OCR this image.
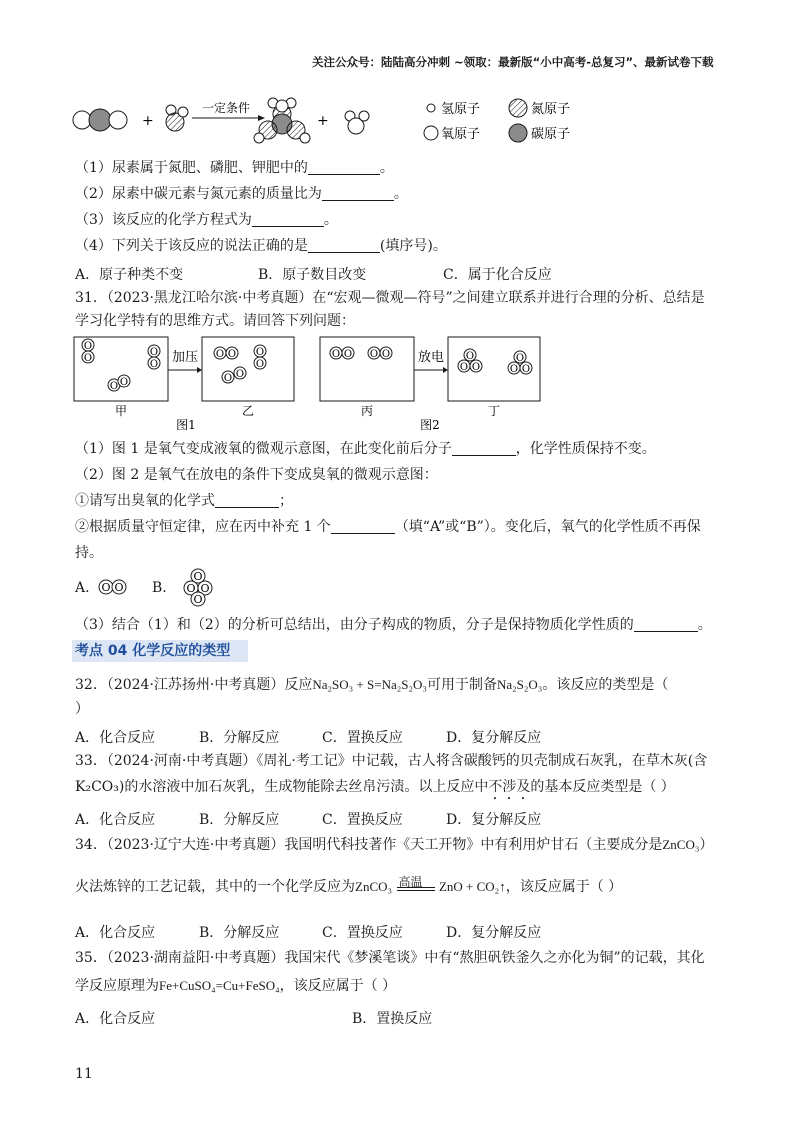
关注公众号：陆陆高分冲刺 ~领取：最新版“小中高考-总复习”、最新试卷下载
+
一定条件
+
氢原子	氮原子
氧原子	碳原子
（1）尿素属于氮肥、磷肥、钾肥中的	。
（2）尿素中碳元素与氮元素的质量比为	。
（3）该反应的化学方程式为	。
（4）下列关于该反应的说法正确的是	(填序号)。
A．原子种类不变	B．原子数目改变	C．属于化合反应
31．（2023·黑龙江哈尔滨·中考真题）在“宏观—微观—符号”之间建立联系并进行合理的分析、总结是
学习化学特有的思维方式。请回答下列问题：
O
O
O
O
O O
加压 O O O
O
O O
甲	乙
图1
O O O O 放电 O
O O
O
O O
丙	丁
图2
（1）图 1 是氧气变成液氧的微观示意图，在此变化前后分子	，化学性质保持不变。
（2）图 2 是氧气在放电的条件下变成臭氧的微观示意图：
①请写出臭氧的化学式	；
②根据质量守恒定律，应在丙中补充 1 个	（填“A”或“B”）。变化后，氧气的化学性质不再保
持。
A. O O B.
O
O O
O
（3）结合（1）和（2）的分析可总结出，由分子构成的物质，分子是保持物质化学性质的	。
考点 04 化学反应的类型
32．（2024·江苏扬州·中考真题）反应Na₂SO₃ + S=Na₂S₂O₃可用于制备Na₂S₂O₃。该反应的类型是（
）
A．化合反应	B．分解反应	C．置换反应	D．复分解反应
33．（2024·河南·中考真题）《周礼·考工记》中记载，古人将含碳酸钙的贝壳制成石灰乳，在草木灰(含
K₂CO₃)的水溶液中加石灰乳，生成物能除去丝帛污渍。以上反应中不涉及的基本反应类型是（ ）
A．化合反应	B．分解反应	C．置换反应	D．复分解反应
34．（2023·辽宁大连·中考真题）我国明代科技著作《天工开物》中有利用炉甘石（主要成分是ZnCO₃）
火法炼锌的工艺记载，其中的一个化学反应为ZnCO₃ 高温 ZnO + CO₂↑，该反应属于（ ）
A．化合反应	B．分解反应	C．置换反应	D．复分解反应
35．（2023·湖南益阳·中考真题）我国宋代《梦溪笔谈》中有“熬胆矾铁釜久之亦化为铜”的记载，其化
学反应原理为Fe+CuSO₄=Cu+FeSO₄，该反应属于（ ）
A．化合反应	B．置换反应
11
